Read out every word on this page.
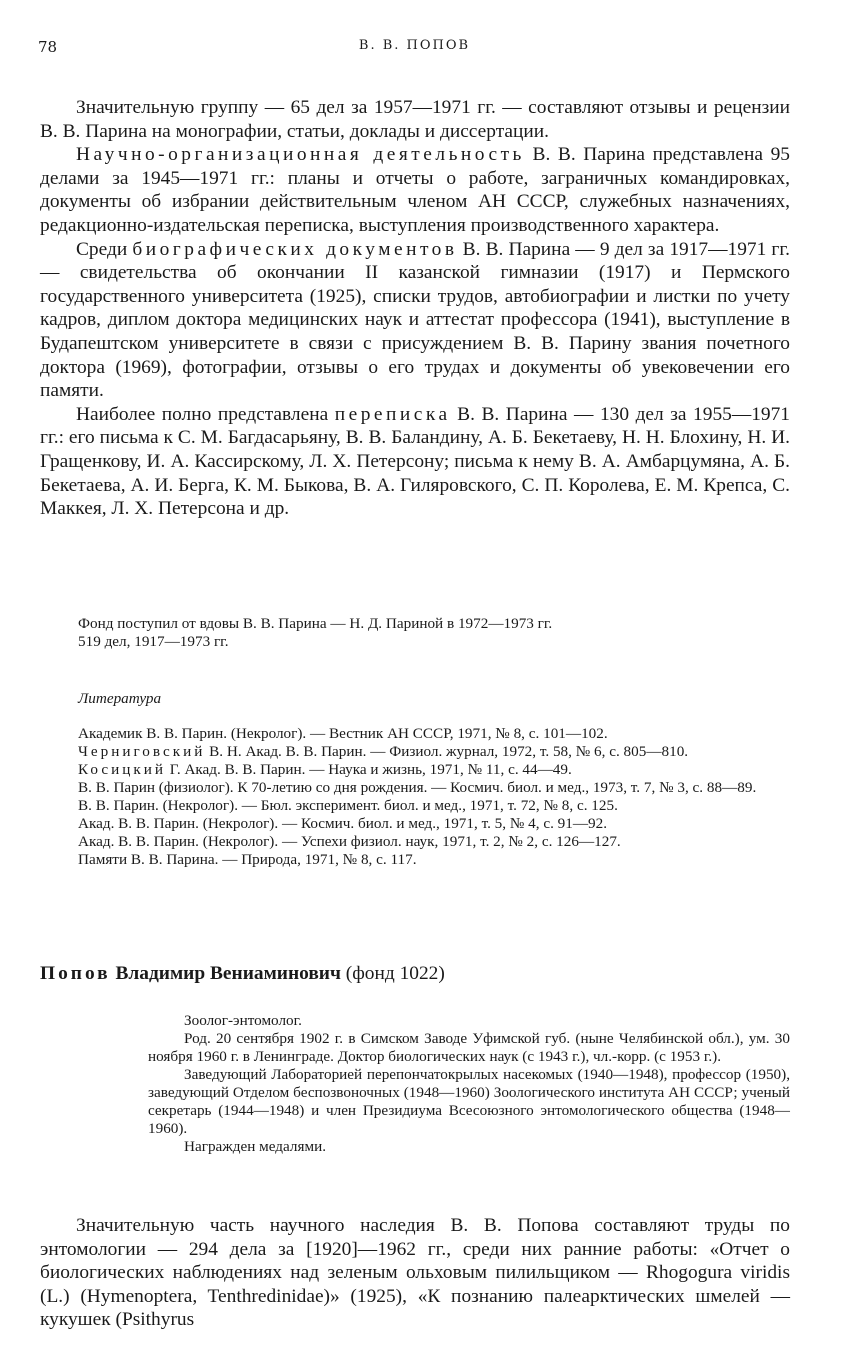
78	В. В. ПОПОВ

Значительную группу — 65 дел за 1957—1971 гг. — составляют отзывы и рецензии В. В. Парина на монографии, статьи, доклады и диссертации.

Научно-организационная деятельность В. В. Парина представлена 95 делами за 1945—1971 гг.: планы и отчеты о работе, заграничных командировках, документы об избрании действительным членом АН СССР, служебных назначениях, редакционно-издательская переписка, выступления производственного характера.

Среди биографических документов В. В. Парина — 9 дел за 1917—1971 гг. — свидетельства об окончании II казанской гимназии (1917) и Пермского государственного университета (1925), списки трудов, автобиографии и листки по учету кадров, диплом доктора медицинских наук и аттестат профессора (1941), выступление в Будапештском университете в связи с присуждением В. В. Парину звания почетного доктора (1969), фотографии, отзывы о его трудах и документы об увековечении его памяти.

Наиболее полно представлена переписка В. В. Парина — 130 дел за 1955—1971 гг.: его письма к С. М. Багдасарьяну, В. В. Баландину, А. Б. Бекетаеву, Н. Н. Блохину, Н. И. Гращенкову, И. А. Кассирскому, Л. Х. Петерсону; письма к нему В. А. Амбарцумяна, А. Б. Бекетаева, А. И. Берга, К. М. Быкова, В. А. Гиляровского, С. П. Королева, Е. М. Крепса, С. Маккея, Л. Х. Петерсона и др.

Фонд поступил от вдовы В. В. Парина — Н. Д. Париной в 1972—1973 гг.
519 дел, 1917—1973 гг.
Литература

Академик В. В. Парин. (Некролог). — Вестник АН СССР, 1971, № 8, с. 101—102.

Черниговский В. Н. Акад. В. В. Парин. — Физиол. журнал, 1972, т. 58, № 6, с. 805—810.

Косицкий Г. Акад. В. В. Парин. — Наука и жизнь, 1971, № 11, с. 44—49.

В. В. Парин (физиолог). К 70-летию со дня рождения. — Космич. биол. и мед., 1973, т. 7, № 3, с. 88—89.

В. В. Парин. (Некролог). — Бюл. эксперимент. биол. и мед., 1971, т. 72, № 8, с. 125.

Акад. В. В. Парин. (Некролог). — Космич. биол. и мед., 1971, т. 5, № 4, с. 91—92.

Акад. В. В. Парин. (Некролог). — Успехи физиол. наук, 1971, т. 2, № 2, с. 126—127.

Памяти В. В. Парина. — Природа, 1971, № 8, с. 117.

Попов Владимир Вениаминович (фонд 1022)

Зоолог-энтомолог.

Род. 20 сентября 1902 г. в Симском Заводе Уфимской губ. (ныне Челябинской обл.), ум. 30 ноября 1960 г. в Ленинграде. Доктор биологических наук (с 1943 г.), чл.-корр. (с 1953 г.).

Заведующий Лабораторией перепончатокрылых насекомых (1940—1948), профессор (1950), заведующий Отделом беспозвоночных (1948—1960) Зоологического института АН СССР; ученый секретарь (1944—1948) и член Президиума Всесоюзного энтомологического общества (1948—1960).

Награжден медалями.

Значительную часть научного наследия В. В. Попова составляют труды по энтомологии — 294 дела за [1920]—1962 гг., среди них ранние работы: «Отчет о биологических наблюдениях над зеленым ольховым пилильщиком — Rhogogura viridis (L.) (Hymenoptera, Tenthredinidae)» (1925), «К познанию палеарктических шмелей — кукушек (Psithyrus
